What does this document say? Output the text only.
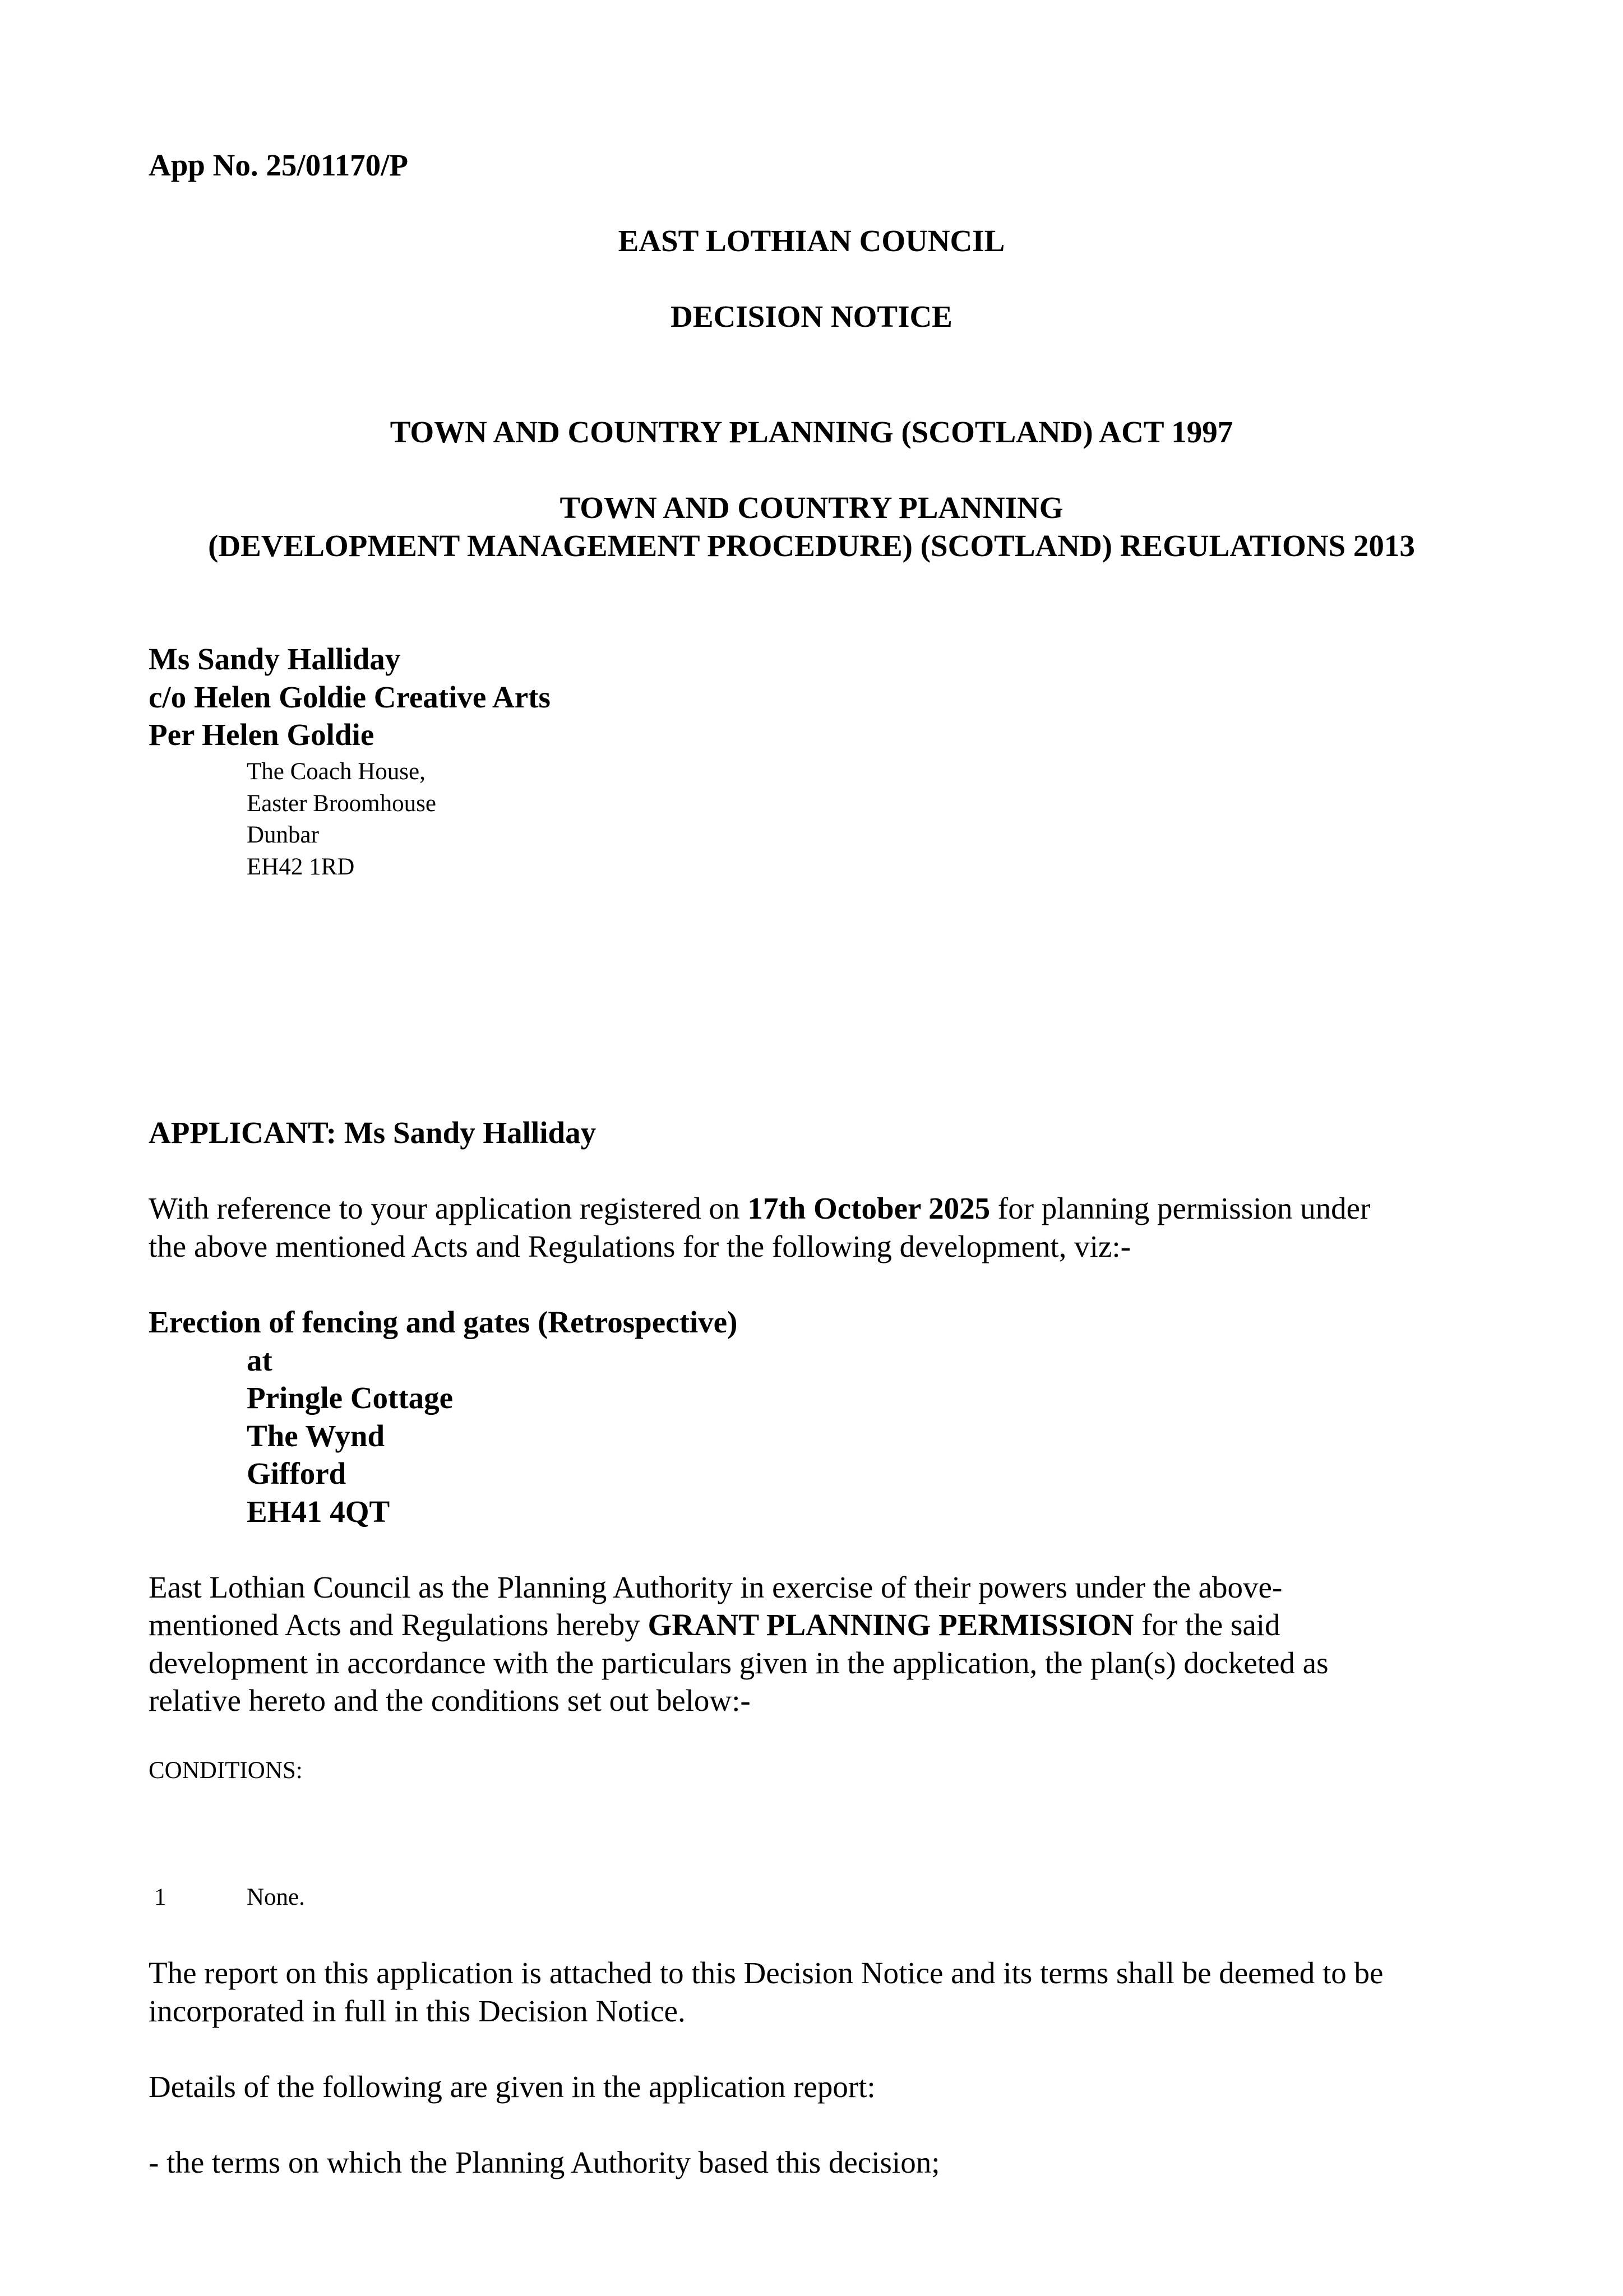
App No. 25/01170/P
EAST LOTHIAN COUNCIL
DECISION NOTICE
TOWN AND COUNTRY PLANNING (SCOTLAND) ACT 1997
TOWN AND COUNTRY PLANNING
(DEVELOPMENT MANAGEMENT PROCEDURE) (SCOTLAND) REGULATIONS 2013
Ms Sandy Halliday
c/o Helen Goldie Creative Arts
Per Helen Goldie
The Coach House,
Easter Broomhouse
Dunbar
EH42 1RD
APPLICANT: Ms Sandy Halliday
With reference to your application registered on 17th October 2025 for planning permission under
the above mentioned Acts and Regulations for the following development, viz:-
Erection of fencing and gates (Retrospective)
at
Pringle Cottage
The Wynd
Gifford
EH41 4QT
East Lothian Council as the Planning Authority in exercise of their powers under the above-
mentioned Acts and Regulations hereby GRANT PLANNING PERMISSION for the said
development in accordance with the particulars given in the application, the plan(s) docketed as
relative hereto and the conditions set out below:-
CONDITIONS:
1	None.
The report on this application is attached to this Decision Notice and its terms shall be deemed to be
incorporated in full in this Decision Notice.
Details of the following are given in the application report:
- the terms on which the Planning Authority based this decision;
